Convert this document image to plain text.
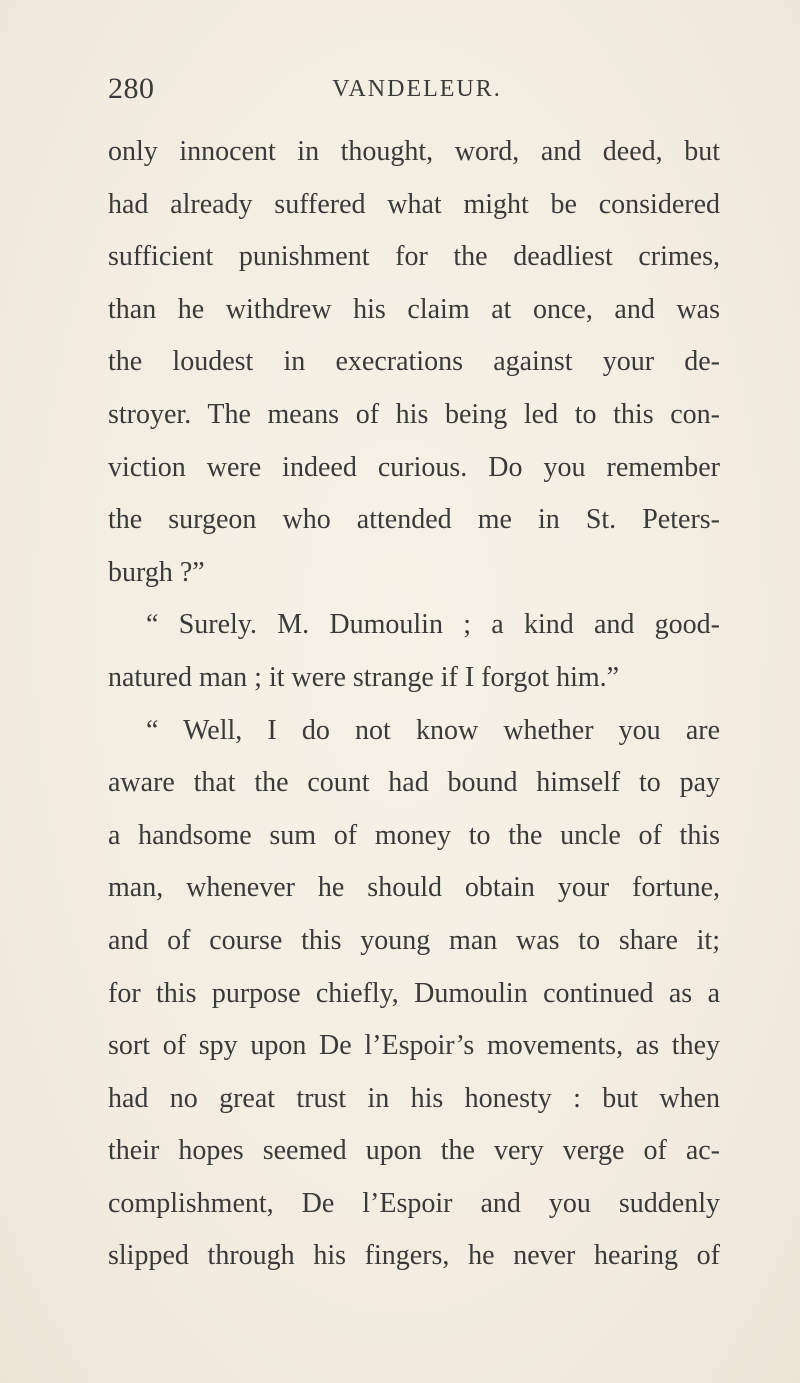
280	VANDELEUR.
only innocent in thought, word, and deed, but
had already suffered what might be considered
sufficient punishment for the deadliest crimes,
than he withdrew his claim at once, and was
the loudest in execrations against your de-
stroyer. The means of his being led to this con-
viction were indeed curious. Do you remember
the surgeon who attended me in St. Peters-
burgh ?”
“ Surely. M. Dumoulin ; a kind and good-
natured man ; it were strange if I forgot him.”
“ Well, I do not know whether you are
aware that the count had bound himself to pay
a handsome sum of money to the uncle of this
man, whenever he should obtain your fortune,
and of course this young man was to share it;
for this purpose chiefly, Dumoulin continued as a
sort of spy upon De l’Espoir’s movements, as they
had no great trust in his honesty : but when
their hopes seemed upon the very verge of ac-
complishment, De l’Espoir and you suddenly
slipped through his fingers, he never hearing of
